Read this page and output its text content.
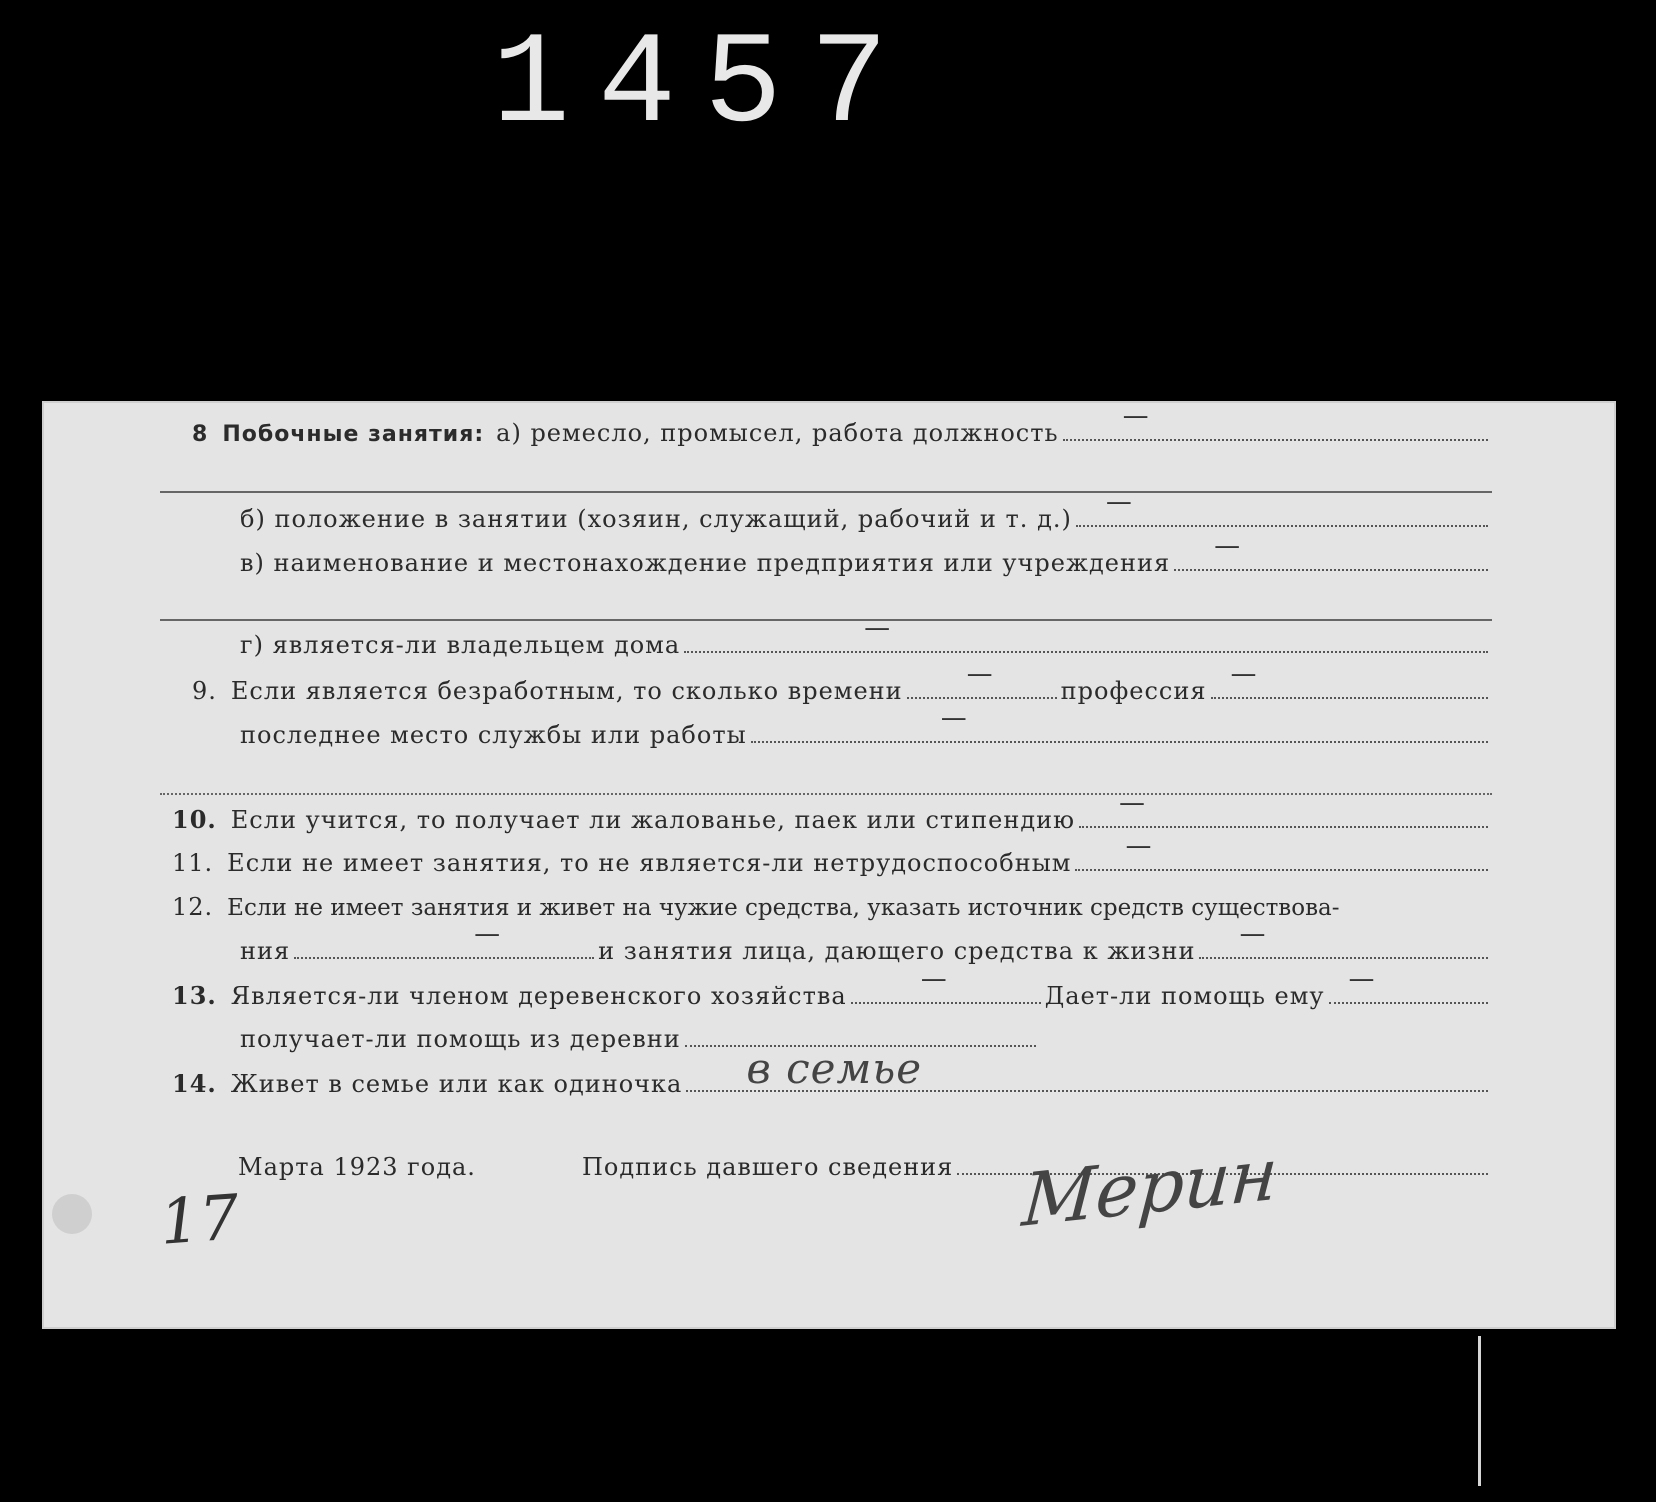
1457
8 Побочные занятия: а) ремесло, промысел, работа должность
—
б) положение в занятии (хозяин, служащий, рабочий и т. д.)
—
в) наименование и местонахождение предприятия или учреждения
—
г) является-ли владельцем дома
—
9. Если является безработным, то сколько времени
—
профессия
—
последнее место службы или работы
—
10. Если учится, то получает ли жалованье, паек или стипендию
—
11. Если не имеет занятия, то не является-ли нетрудоспособным
—
12. Если не имеет занятия и живет на чужие средства, указать источник средств существова-
ния
—
и занятия лица, дающего средства к жизни
—
13. Является-ли членом деревенского хозяйства
—
Дает-ли помощь ему
—
получает-ли помощь из деревни
14. Живет в семье или как одиночка в семье
17
Марта 1923 года.	Подпись давшего сведения Мерин
